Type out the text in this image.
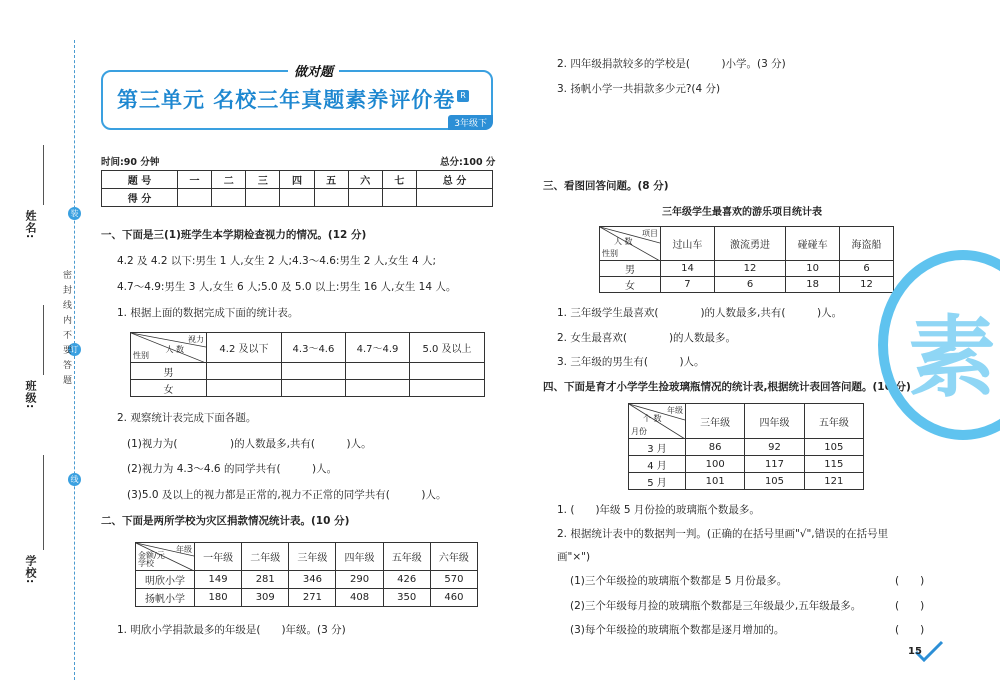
姓名:
班级:
学校:
装
订
线
密封线内不要答题
做对题
第三单元 名校三年真题素养评价卷 R
3年级下
时间:90 分钟	总分:100 分
题 号	一	二	三	四	五	六	七	总 分
得 分								
一、下面是三(1)班学生本学期检查视力的情况。(12 分)
4.2 及 4.2 以下:男生 1 人,女生 2 人;4.3～4.6:男生 2 人,女生 4 人;
4.7～4.9:男生 3 人,女生 6 人;5.0 及 5.0 以上:男生 16 人,女生 14 人。
1. 根据上面的数据完成下面的统计表。
视力
人 数
性别	4.2 及以下	4.3～4.6	4.7～4.9	5.0 及以上
男				
女				
2. 观察统计表完成下面各题。
(1)视力为(　　　　　)的人数最多,共有(　　　)人。
(2)视力为 4.3～4.6 的同学共有(　　　)人。
(3)5.0 及以上的视力都是正常的,视力不正常的同学共有(　　　)人。
二、下面是两所学校为灾区捐款情况统计表。(10 分)
年级
金额/元
学校	一年级	二年级	三年级	四年级	五年级	六年级
明欣小学	149	281	346	290	426	570
扬帆小学	180	309	271	408	350	460
1. 明欣小学捐款最多的年级是(　　)年级。(3 分)
2. 四年级捐款较多的学校是(　　　)小学。(3 分)
3. 扬帆小学一共捐款多少元?(4 分)
三、看图回答问题。(8 分)
三年级学生最喜欢的游乐项目统计表
项目
人 数
性别	过山车	激流勇进	碰碰车	海盗船
男	14	12	10	6
女	7	6	18	12
1. 三年级学生最喜欢(　　　　)的人数最多,共有(　　　)人。
2. 女生最喜欢(　　　　)的人数最多。
3. 三年级的男生有(　　　)人。
四、下面是育才小学学生捡玻璃瓶情况的统计表,根据统计表回答问题。(16 分)
年级
个 数
月份	三年级	四年级	五年级
3 月	86	92	105
4 月	100	117	115
5 月	101	105	121
1. (　　)年级 5 月份捡的玻璃瓶个数最多。
2. 根据统计表中的数据判一判。(正确的在括号里画"√",错误的在括号里
画"×")
(1)三个年级捡的玻璃瓶个数都是 5 月份最多。	(　　)
(2)三个年级每月捡的玻璃瓶个数都是三年级最少,五年级最多。	(　　)
(3)每个年级捡的玻璃瓶个数都是逐月增加的。	(　　)
素
15
